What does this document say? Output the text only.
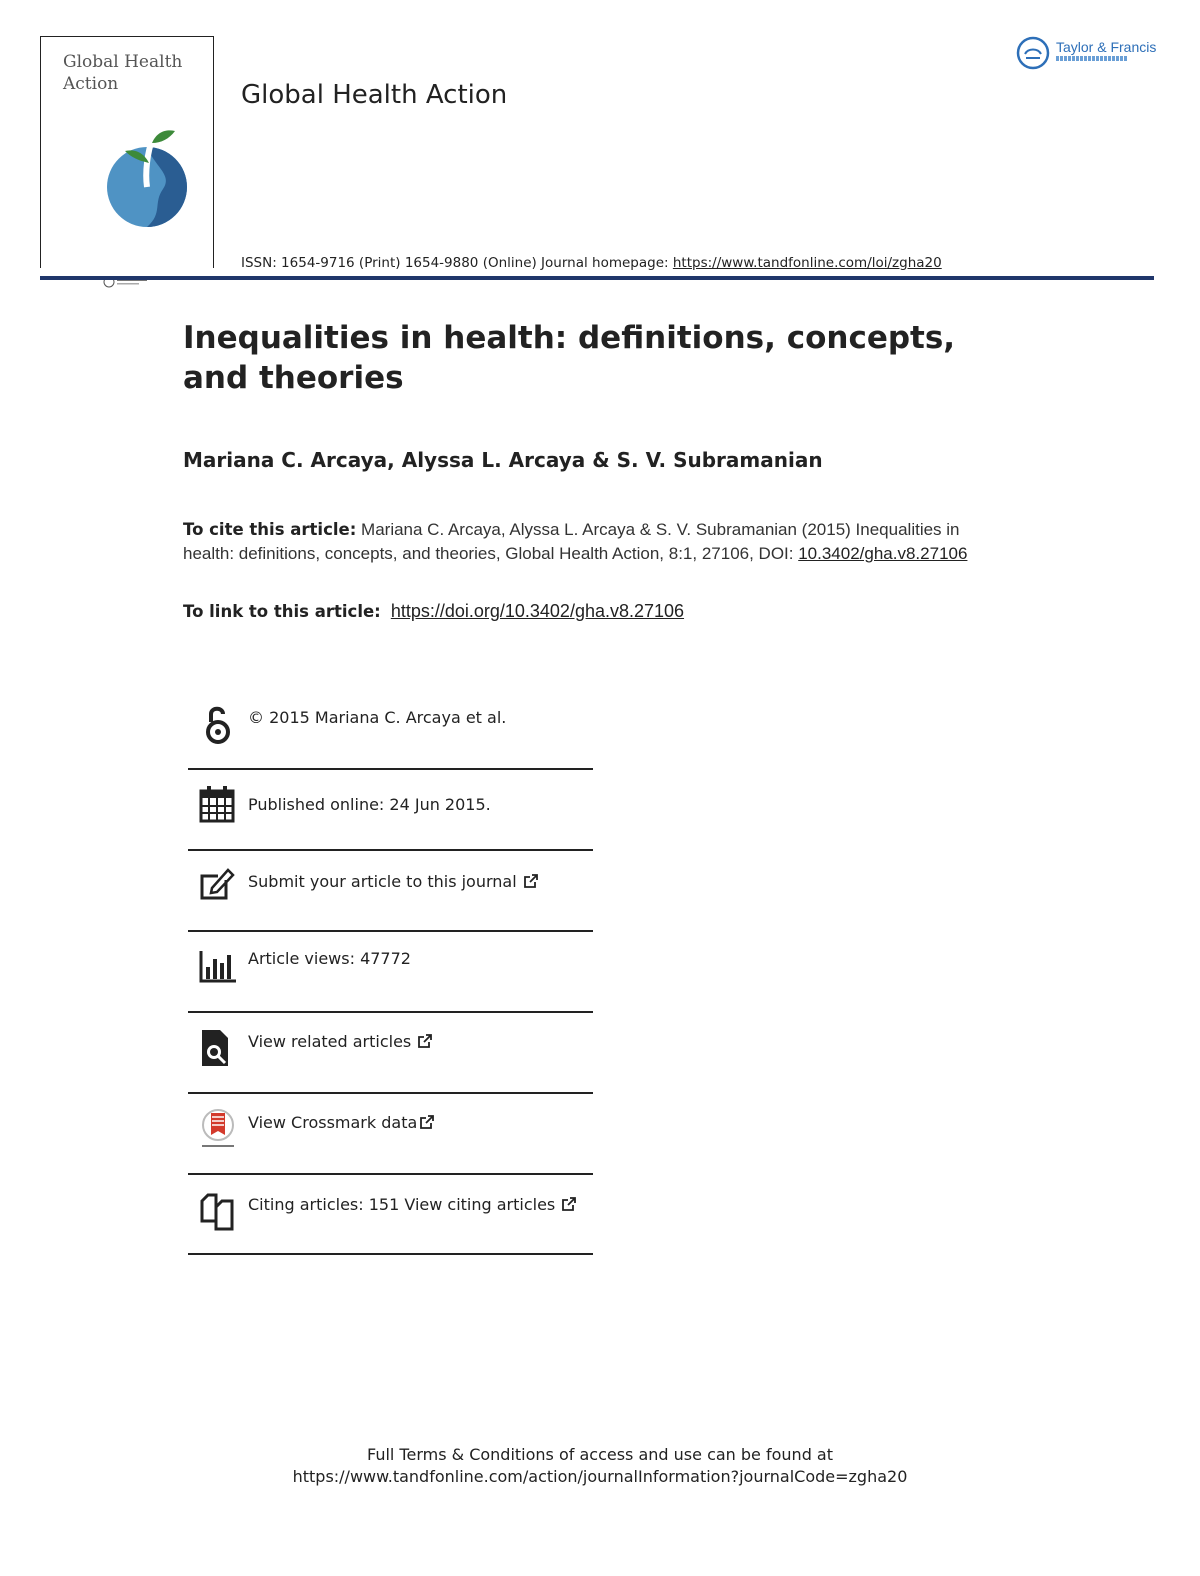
Global Health Action	Global Health Action
Taylor & Francis
ISSN: 1654-9716 (Print) 1654-9880 (Online) Journal homepage: https://www.tandfonline.com/loi/zgha20
Inequalities in health: definitions, concepts, and theories
Mariana C. Arcaya, Alyssa L. Arcaya & S. V. Subramanian
To cite this article: Mariana C. Arcaya, Alyssa L. Arcaya & S. V. Subramanian (2015) Inequalities in health: definitions, concepts, and theories, Global Health Action, 8:1, 27106, DOI: 10.3402/gha.v8.27106
To link to this article: https://doi.org/10.3402/gha.v8.27106
© 2015 Mariana C. Arcaya et al.
Published online: 24 Jun 2015.
Submit your article to this journal
Article views: 47772
View related articles
View Crossmark data
Citing articles: 151 View citing articles
Full Terms & Conditions of access and use can be found at
https://www.tandfonline.com/action/journalInformation?journalCode=zgha20
